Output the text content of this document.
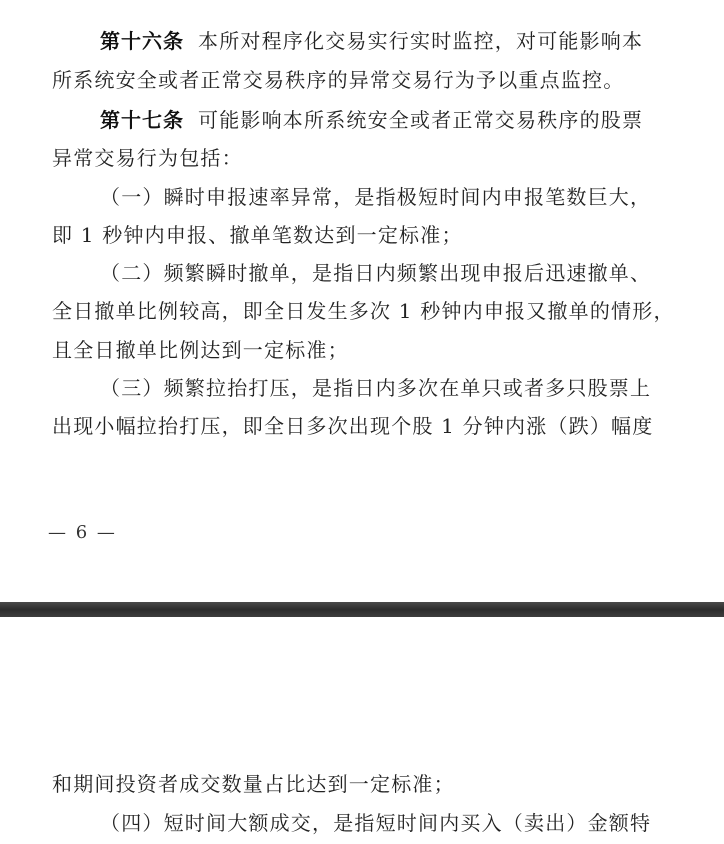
第十六条 本所对程序化交易实行实时监控，对可能影响本
所系统安全或者正常交易秩序的异常交易行为予以重点监控。
第十七条 可能影响本所系统安全或者正常交易秩序的股票
异常交易行为包括：
（一）瞬时申报速率异常，是指极短时间内申报笔数巨大，
即 1 秒钟内申报、撤单笔数达到一定标准；
（二）频繁瞬时撤单，是指日内频繁出现申报后迅速撤单、
全日撤单比例较高，即全日发生多次 1 秒钟内申报又撤单的情形，
且全日撤单比例达到一定标准；
（三）频繁拉抬打压，是指日内多次在单只或者多只股票上
出现小幅拉抬打压，即全日多次出现个股 1 分钟内涨（跌）幅度
— 6 —
和期间投资者成交数量占比达到一定标准；
（四）短时间大额成交，是指短时间内买入（卖出）金额特
